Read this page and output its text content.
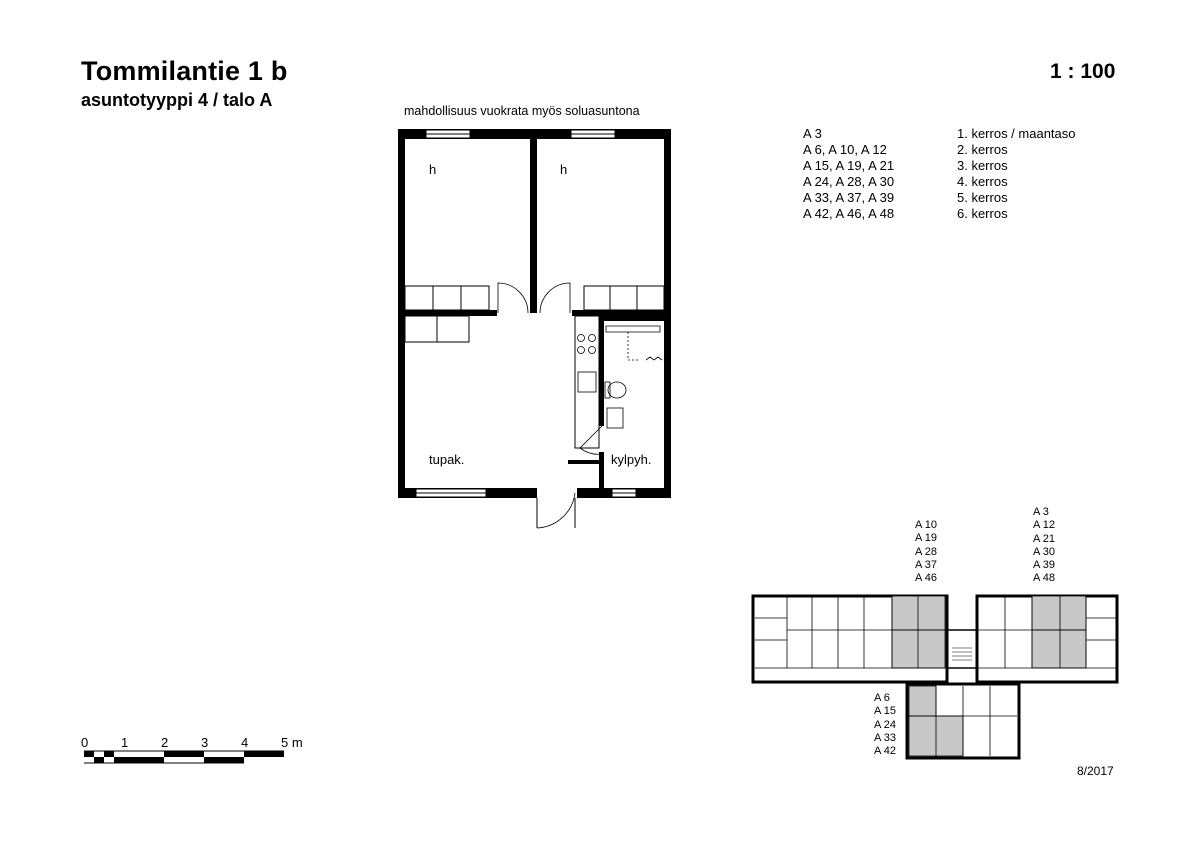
Tommilantie 1 b
asuntotyyppi 4 / talo A
1 : 100
mahdollisuus vuokrata myös soluasuntona
A 3	1. kerros / maantaso
A 6, A 10, A 12	2. kerros
A 15, A 19, A 21	3. kerros
A 24, A 28, A 30	4. kerros
A 33, A 37, A 39	5. kerros
A 42, A 46, A 48	6. kerros
h	h
tupak.	kylpyh.
0	1	2	3	4	5 m
A 10
A 19
A 28
A 37
A 46
A 3
A 12
A 21
A 30
A 39
A 48
A 6
A 15
A 24
A 33
A 42
8/2017
